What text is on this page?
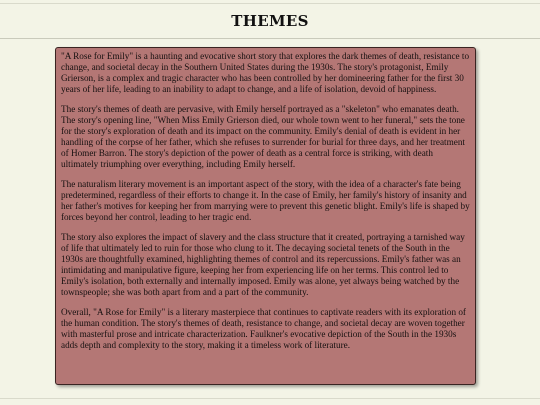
THEMES

"A Rose for Emily" is a haunting and evocative short story that explores the dark themes of death, resistance to change, and societal decay in the Southern United States during the 1930s. The story's protagonist, Emily Grierson, is a complex and tragic character who has been controlled by her domineering father for the first 30 years of her life, leading to an inability to adapt to change, and a life of isolation, devoid of happiness.

The story's themes of death are pervasive, with Emily herself portrayed as a "skeleton" who emanates death. The story's opening line, "When Miss Emily Grierson died, our whole town went to her funeral," sets the tone for the story's exploration of death and its impact on the community. Emily's denial of death is evident in her handling of the corpse of her father, which she refuses to surrender for burial for three days, and her treatment of Homer Barron. The story's depiction of the power of death as a central force is striking, with death ultimately triumphing over everything, including Emily herself.

The naturalism literary movement is an important aspect of the story, with the idea of a character's fate being predetermined, regardless of their efforts to change it. In the case of Emily, her family's history of insanity and her father's motives for keeping her from marrying were to prevent this genetic blight. Emily's life is shaped by forces beyond her control, leading to her tragic end.

The story also explores the impact of slavery and the class structure that it created, portraying a tarnished way of life that ultimately led to ruin for those who clung to it. The decaying societal tenets of the South in the 1930s are thoughtfully examined, highlighting themes of control and its repercussions. Emily's father was an intimidating and manipulative figure, keeping her from experiencing life on her terms. This control led to Emily's isolation, both externally and internally imposed. Emily was alone, yet always being watched by the townspeople; she was both apart from and a part of the community.

Overall, "A Rose for Emily" is a literary masterpiece that continues to captivate readers with its exploration of the human condition. The story's themes of death, resistance to change, and societal decay are woven together with masterful prose and intricate characterization. Faulkner's evocative depiction of the South in the 1930s adds depth and complexity to the story, making it a timeless work of literature.
